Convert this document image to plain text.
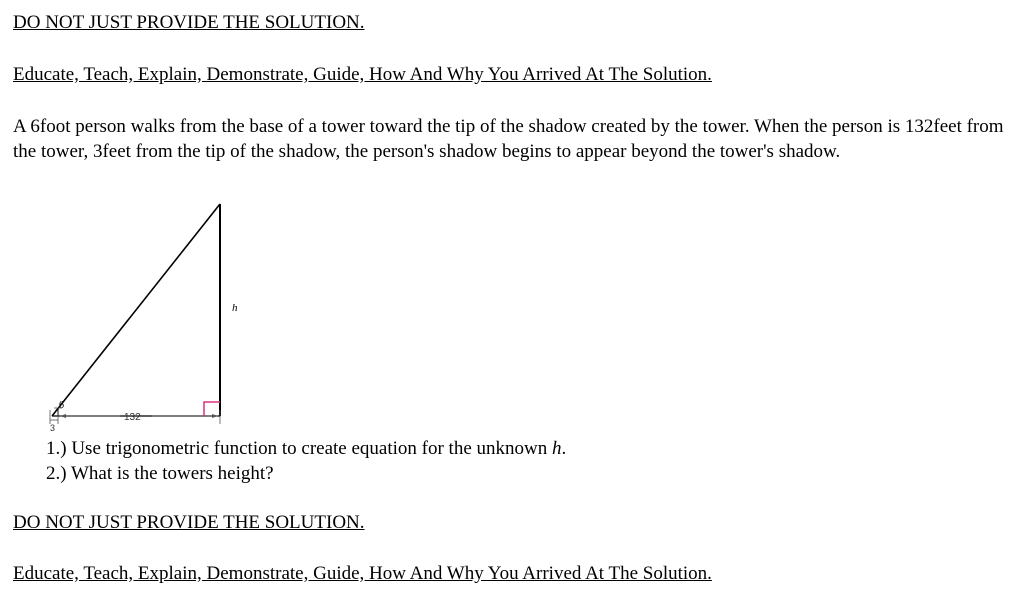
DO NOT JUST PROVIDE THE SOLUTION.
Educate, Teach, Explain, Demonstrate, Guide, How And Why You Arrived At The Solution.
A 6foot person walks from the base of a tower toward the tip of the shadow created by the tower. When the person is 132feet from the tower, 3feet from the tip of the shadow, the person's shadow begins to appear beyond the tower's shadow.
h
6
132
3
1.) Use trigonometric function to create equation for the unknown h.
2.) What is the towers height?
DO NOT JUST PROVIDE THE SOLUTION.
Educate, Teach, Explain, Demonstrate, Guide, How And Why You Arrived At The Solution.
